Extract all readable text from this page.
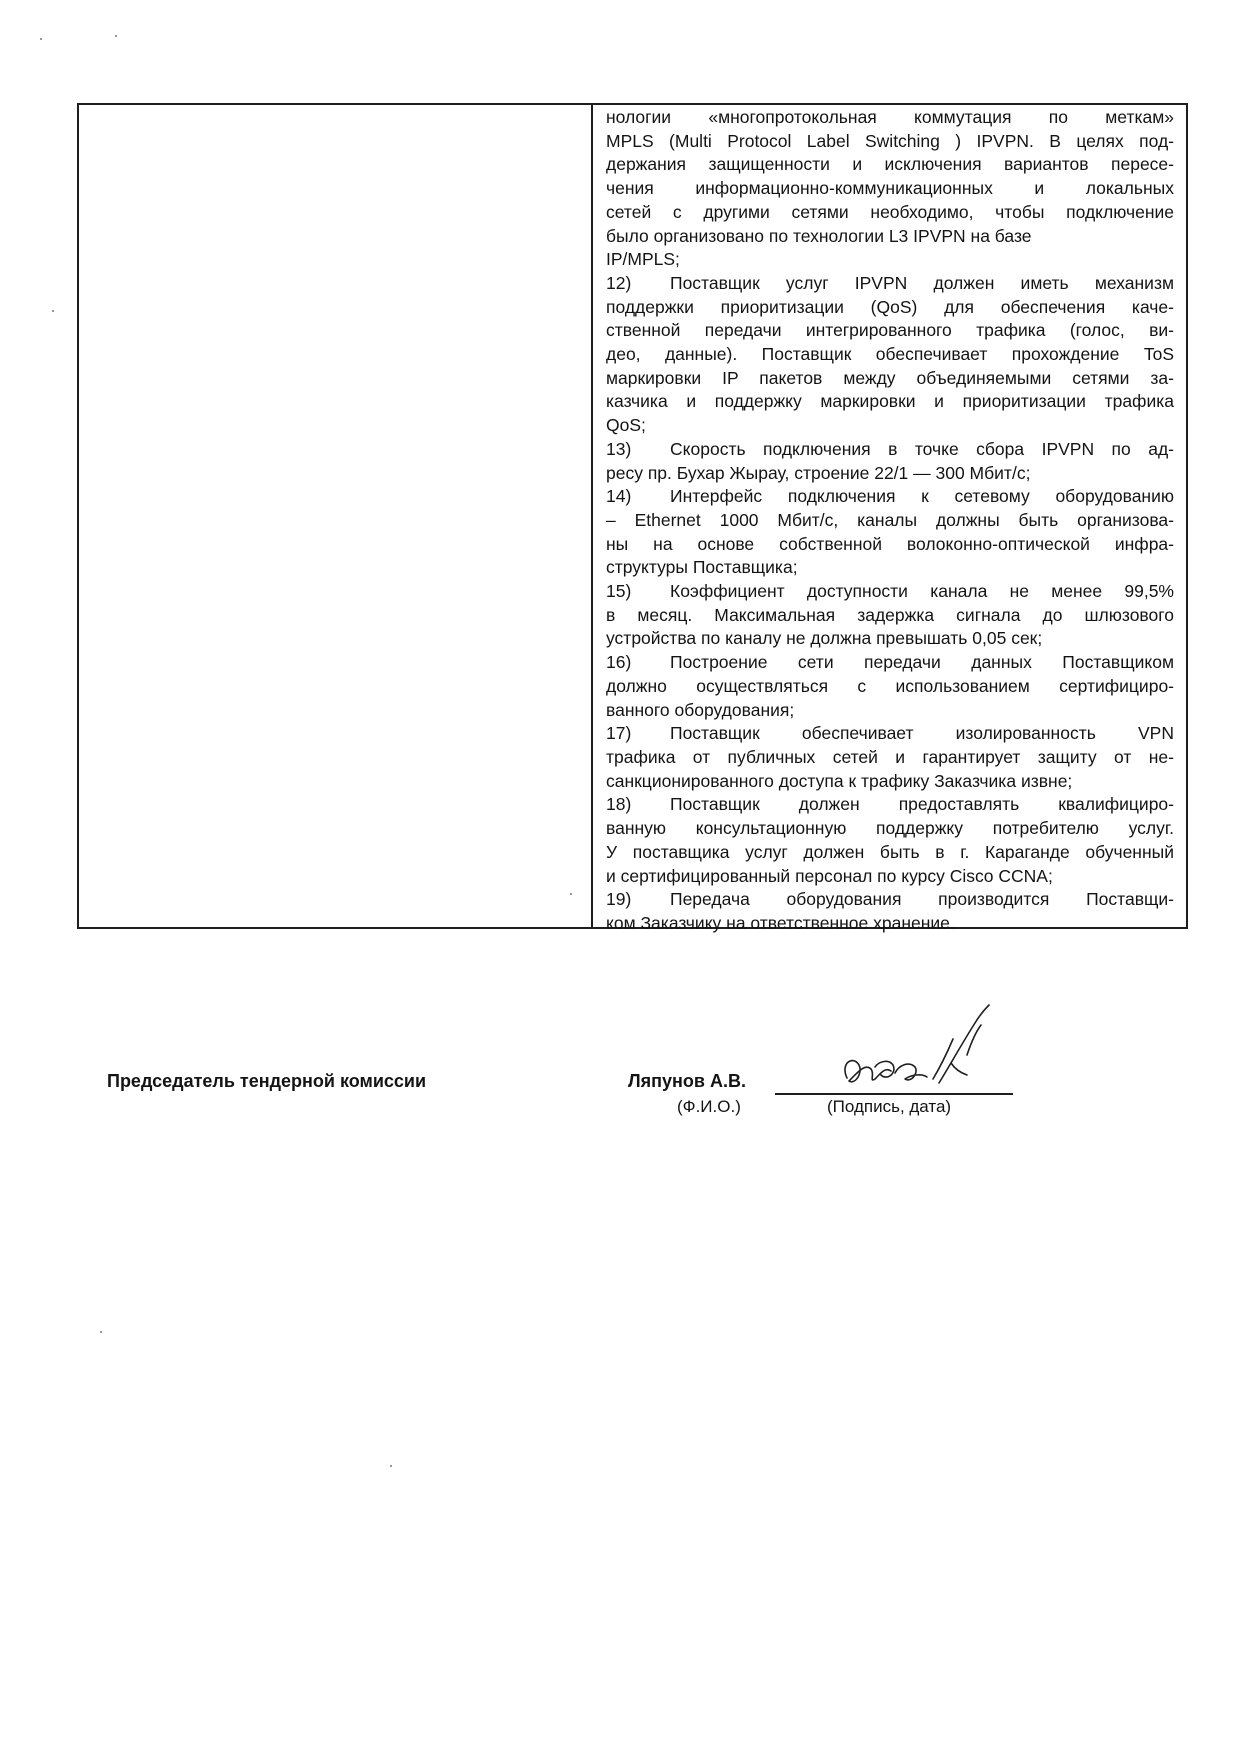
нологии «многопротокольная коммутация по меткам»
MPLS (Multi Protocol Label Switching ) IPVPN. В целях под-
держания защищенности и исключения вариантов пересе-
чения информационно-коммуникационных и локальных
сетей с другими сетями необходимо, чтобы подключение
было организовано по технологии L3 IPVPN на базе
IP/MPLS;
12) Поставщик услуг IPVPN должен иметь механизм
поддержки приоритизации (QoS) для обеспечения каче-
ственной передачи интегрированного трафика (голос, ви-
део, данные). Поставщик обеспечивает прохождение ToS
маркировки IP пакетов между объединяемыми сетями за-
казчика и поддержку маркировки и приоритизации трафика
QoS;
13) Скорость подключения в точке сбора IPVPN по ад-
ресу пр. Бухар Жырау, строение 22/1 — 300 Мбит/с;
14) Интерфейс подключения к сетевому оборудованию
– Ethernet 1000 Мбит/с, каналы должны быть организова-
ны на основе собственной волоконно-оптической инфра-
структуры Поставщика;
15) Коэффициент доступности канала не менее 99,5%
в месяц. Максимальная задержка сигнала до шлюзового
устройства по каналу не должна превышать 0,05 сек;
16) Построение сети передачи данных Поставщиком
должно осуществляться с использованием сертифициро-
ванного оборудования;
17) Поставщик обеспечивает изолированность VPN
трафика от публичных сетей и гарантирует защиту от не-
санкционированного доступа к трафику Заказчика извне;
18) Поставщик должен предоставлять квалифициро-
ванную консультационную поддержку потребителю услуг.
У поставщика услуг должен быть в г. Караганде обученный
и сертифицированный персонал по курсу Cisco CCNA;
19) Передача оборудования производится Поставщи-
ком Заказчику на ответственное хранение.
Председатель тендерной комиссии	Ляпунов А.В.
(Ф.И.О.)	(Подпись, дата)
